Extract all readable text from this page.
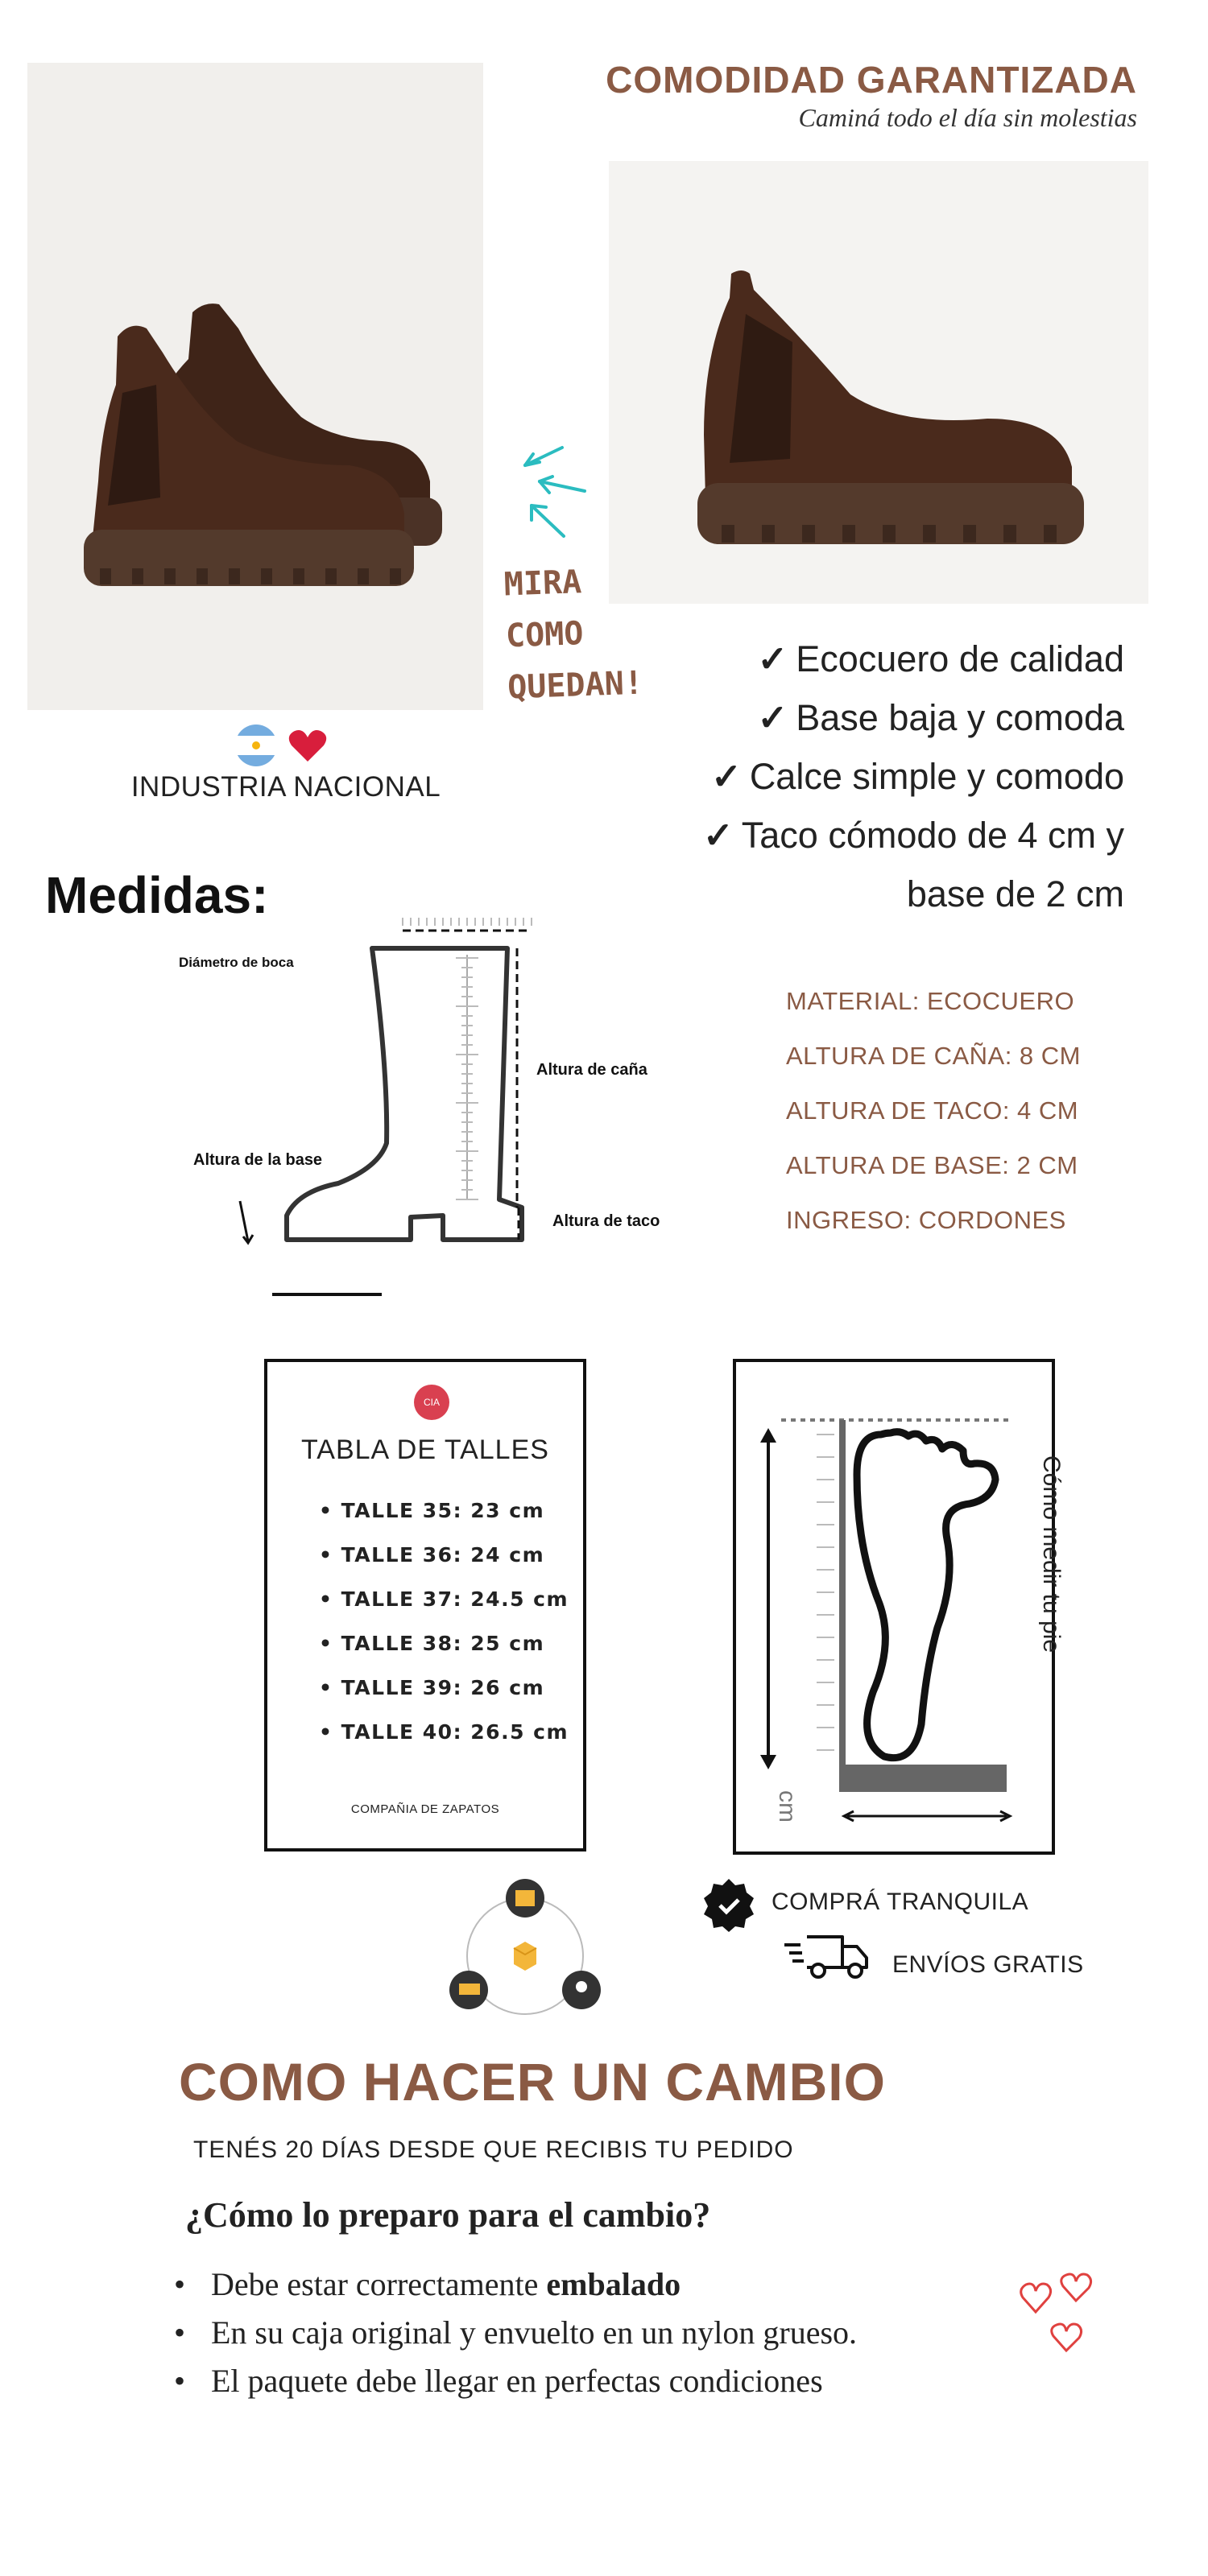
COMODIDAD GARANTIZADA
Caminá todo el día sin molestias
MIRA
COMO
QUEDAN!
✓ Ecocuero de calidad
✓ Base baja y comoda
✓ Calce simple y comodo
✓ Taco cómodo de 4 cm y
base de 2 cm
INDUSTRIA NACIONAL
Medidas:
Diámetro de boca
Altura de caña
Altura de la base
Altura de taco
MATERIAL: ECOCUERO
ALTURA DE CAÑA: 8 CM
ALTURA DE TACO: 4 CM
ALTURA DE BASE: 2 CM
INGRESO: CORDONES
CIA
TABLA DE TALLES
• TALLE 35: 23 cm
• TALLE 36: 24 cm
• TALLE 37: 24.5 cm
• TALLE 38: 25 cm
• TALLE 39: 26 cm
• TALLE 40: 26.5 cm
COMPAÑIA DE ZAPATOS	cm
Cómo medir tu pie
COMPRÁ TRANQUILA
ENVÍOS GRATIS
COMO HACER UN CAMBIO
TENÉS 20 DÍAS DESDE QUE RECIBIS TU PEDIDO
¿Cómo lo preparo para el cambio?
• Debe estar correctamente embalado
• En su caja original y envuelto en un nylon grueso.
• El paquete debe llegar en perfectas condiciones
